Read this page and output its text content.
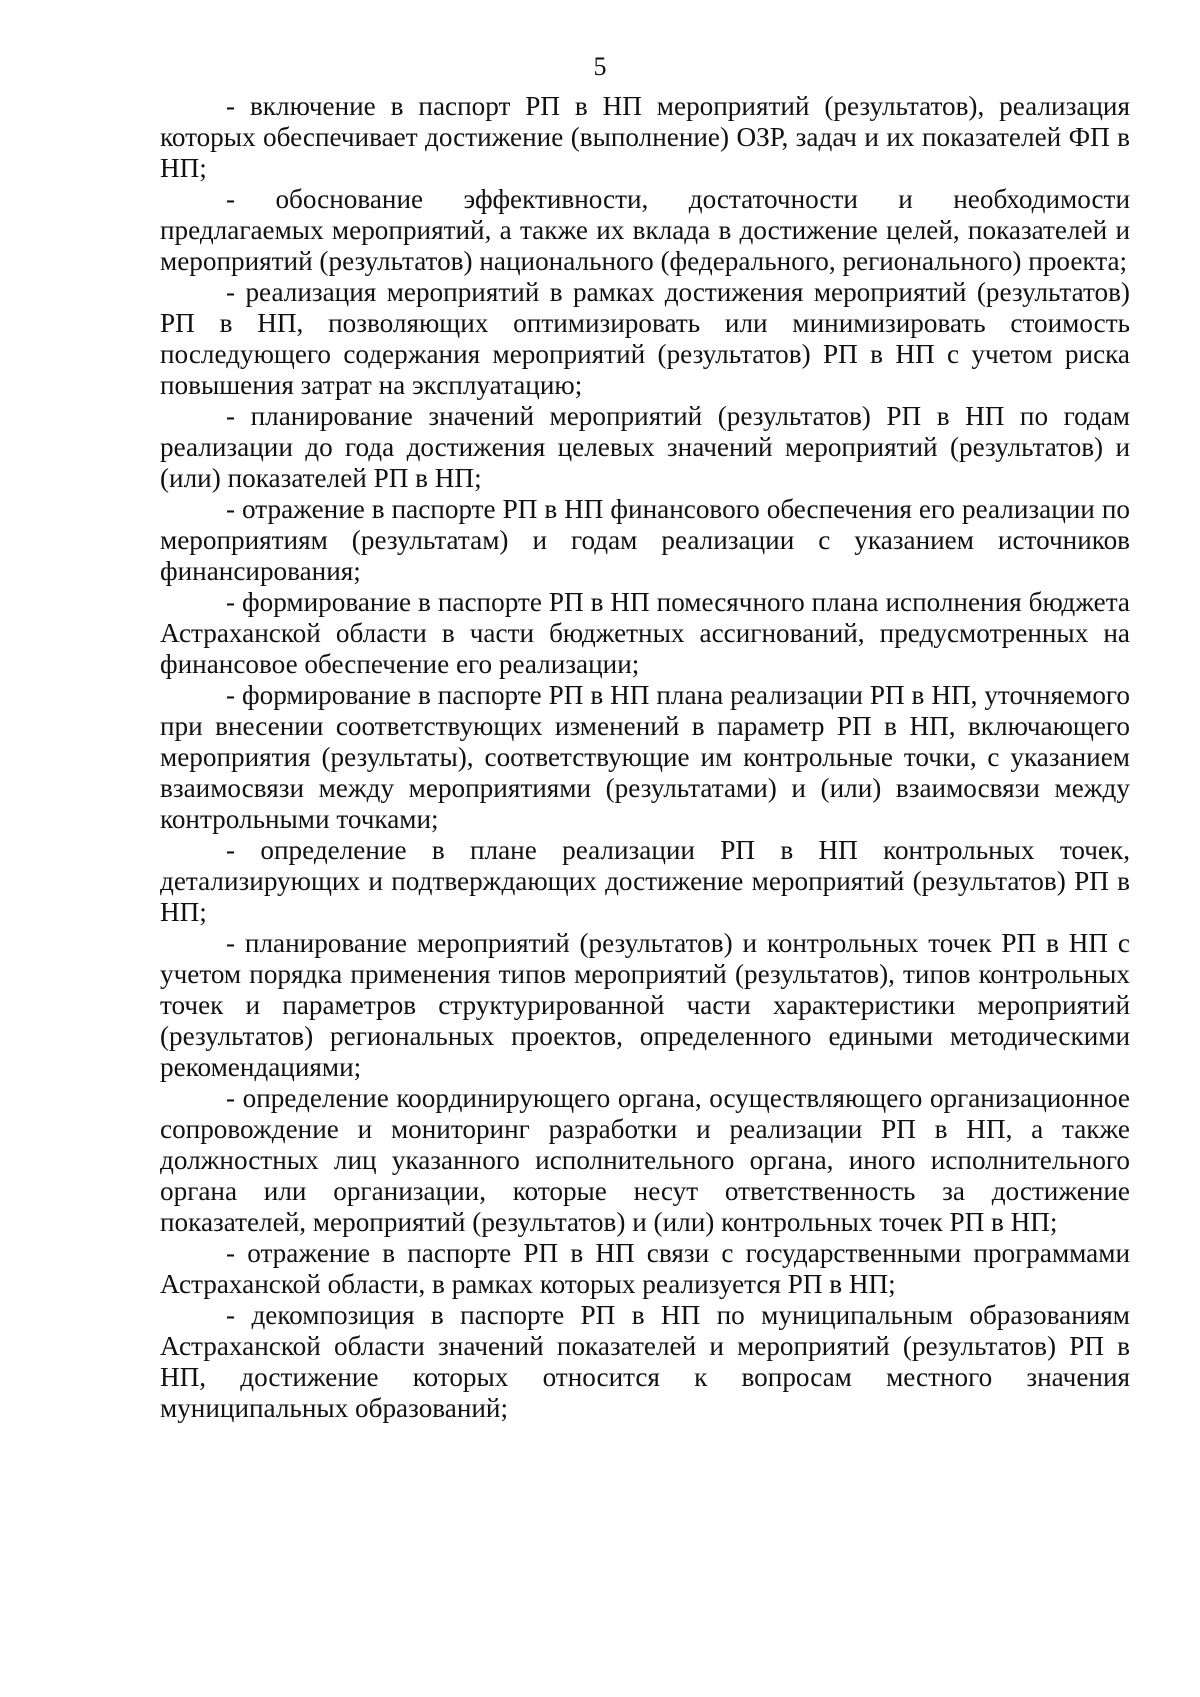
5

- включение в паспорт РП в НП мероприятий (результатов), реализация которых обеспечивает достижение (выполнение) ОЗР, задач и их показателей ФП в НП;

- обоснование эффективности, достаточности и необходимости предлагаемых мероприятий, а также их вклада в достижение целей, показателей и мероприятий (результатов) национального (федерального, регионального) проекта;

- реализация мероприятий в рамках достижения мероприятий (результатов) РП в НП, позволяющих оптимизировать или минимизировать стоимость последующего содержания мероприятий (результатов) РП в НП с учетом риска повышения затрат на эксплуатацию;

- планирование значений мероприятий (результатов) РП в НП по годам реализации до года достижения целевых значений мероприятий (результатов) и (или) показателей РП в НП;

- отражение в паспорте РП в НП финансового обеспечения его реализации по мероприятиям (результатам) и годам реализации с указанием источников финансирования;

- формирование в паспорте РП в НП помесячного плана исполнения бюджета Астраханской области в части бюджетных ассигнований, предусмотренных на финансовое обеспечение его реализации;

- формирование в паспорте РП в НП плана реализации РП в НП, уточняемого при внесении соответствующих изменений в параметр РП в НП, включающего мероприятия (результаты), соответствующие им контрольные точки, с указанием взаимосвязи между мероприятиями (результатами) и (или) взаимосвязи между контрольными точками;

- определение в плане реализации РП в НП контрольных точек, детализирующих и подтверждающих достижение мероприятий (результатов) РП в НП;

- планирование мероприятий (результатов) и контрольных точек РП в НП с учетом порядка применения типов мероприятий (результатов), типов контрольных точек и параметров структурированной части характеристики мероприятий (результатов) региональных проектов, определенного едиными методическими рекомендациями;

- определение координирующего органа, осуществляющего организационное сопровождение и мониторинг разработки и реализации РП в НП, а также должностных лиц указанного исполнительного органа, иного исполнительного органа или организации, которые несут ответственность за достижение показателей, мероприятий (результатов) и (или) контрольных точек РП в НП;

- отражение в паспорте РП в НП связи с государственными программами Астраханской области, в рамках которых реализуется РП в НП;

- декомпозиция в паспорте РП в НП по муниципальным образованиям Астраханской области значений показателей и мероприятий (результатов) РП в НП, достижение которых относится к вопросам местного значения муниципальных образований;
